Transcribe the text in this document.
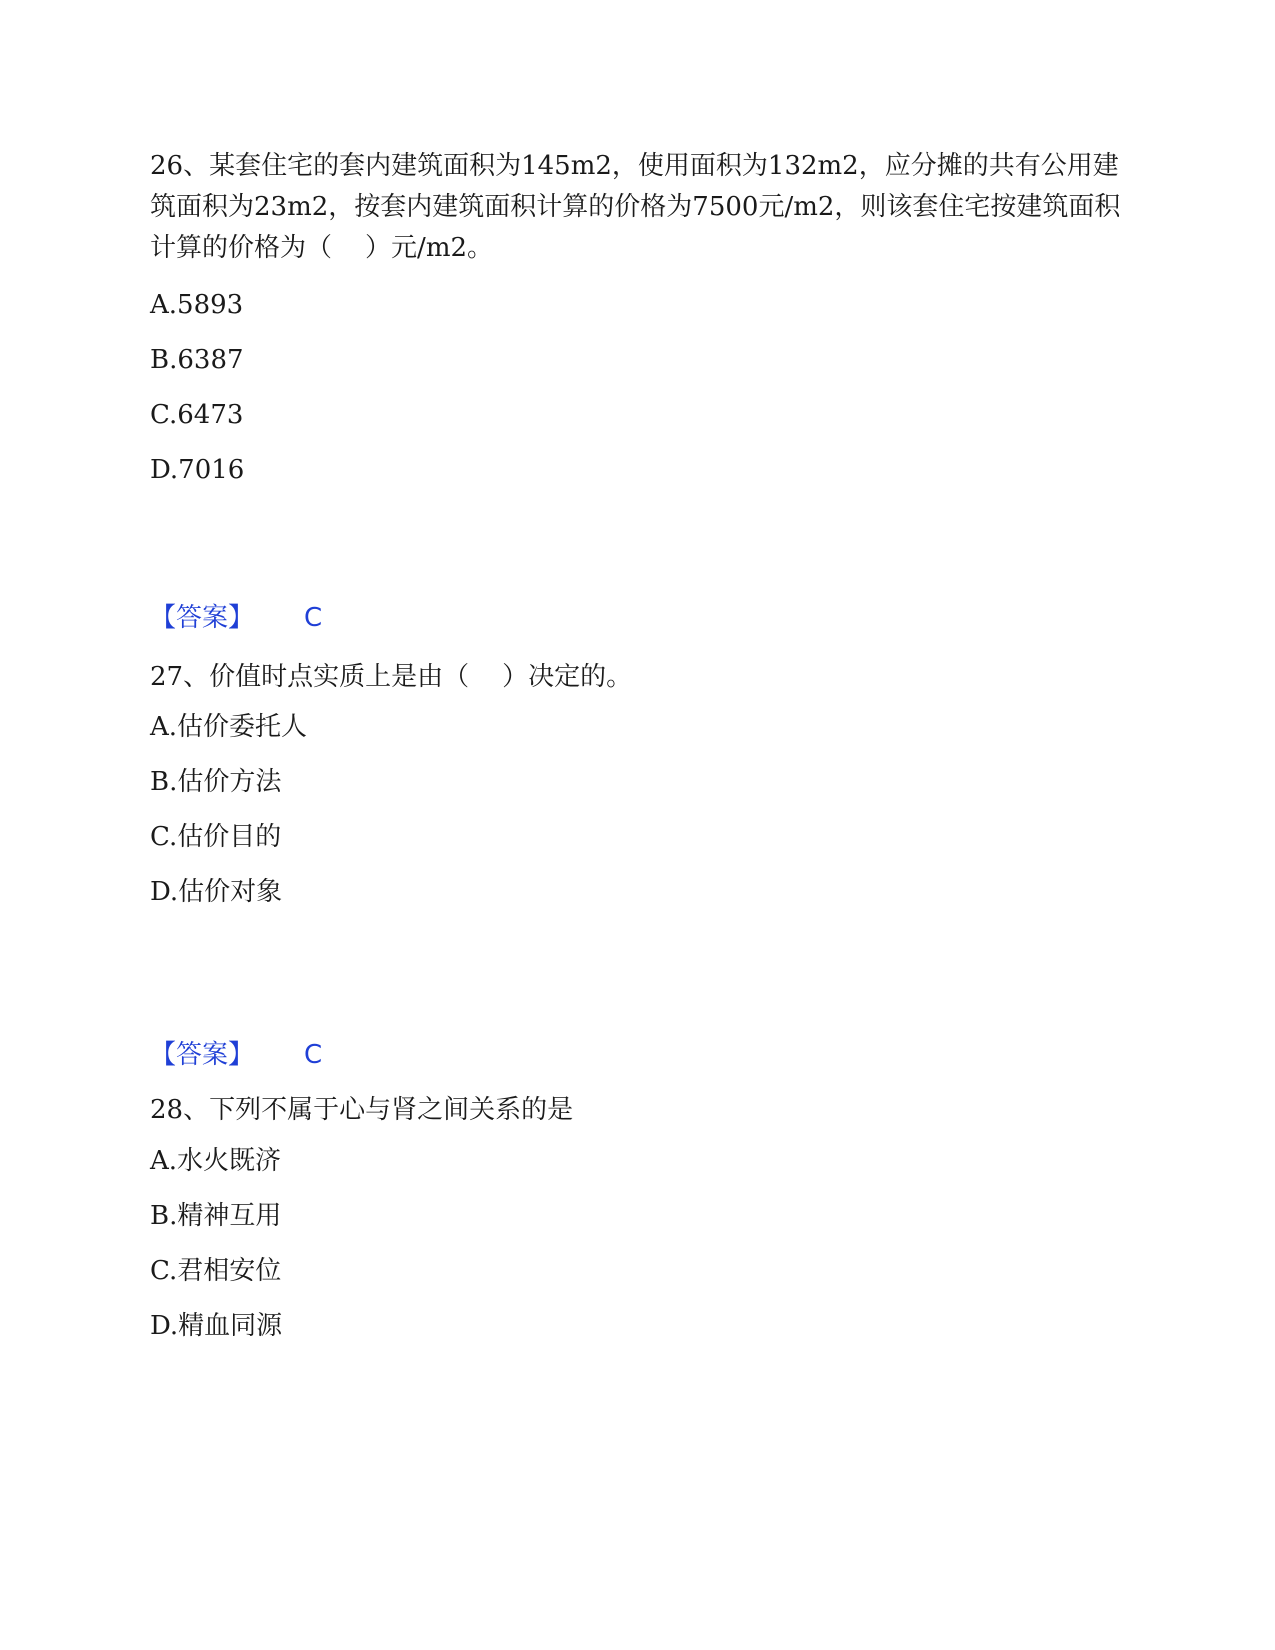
26、某套住宅的套内建筑面积为145m2，使用面积为132m2，应分摊的共有公用建筑面积为23m2，按套内建筑面积计算的价格为7500元/m2，则该套住宅按建筑面积计算的价格为（    ）元/m2。

A.5893

B.6387

C.6473

D.7016

【答案】 C

27、价值时点实质上是由（    ）决定的。

A.估价委托人

B.估价方法

C.估价目的

D.估价对象

【答案】 C

28、下列不属于心与肾之间关系的是

A.水火既济

B.精神互用

C.君相安位

D.精血同源
